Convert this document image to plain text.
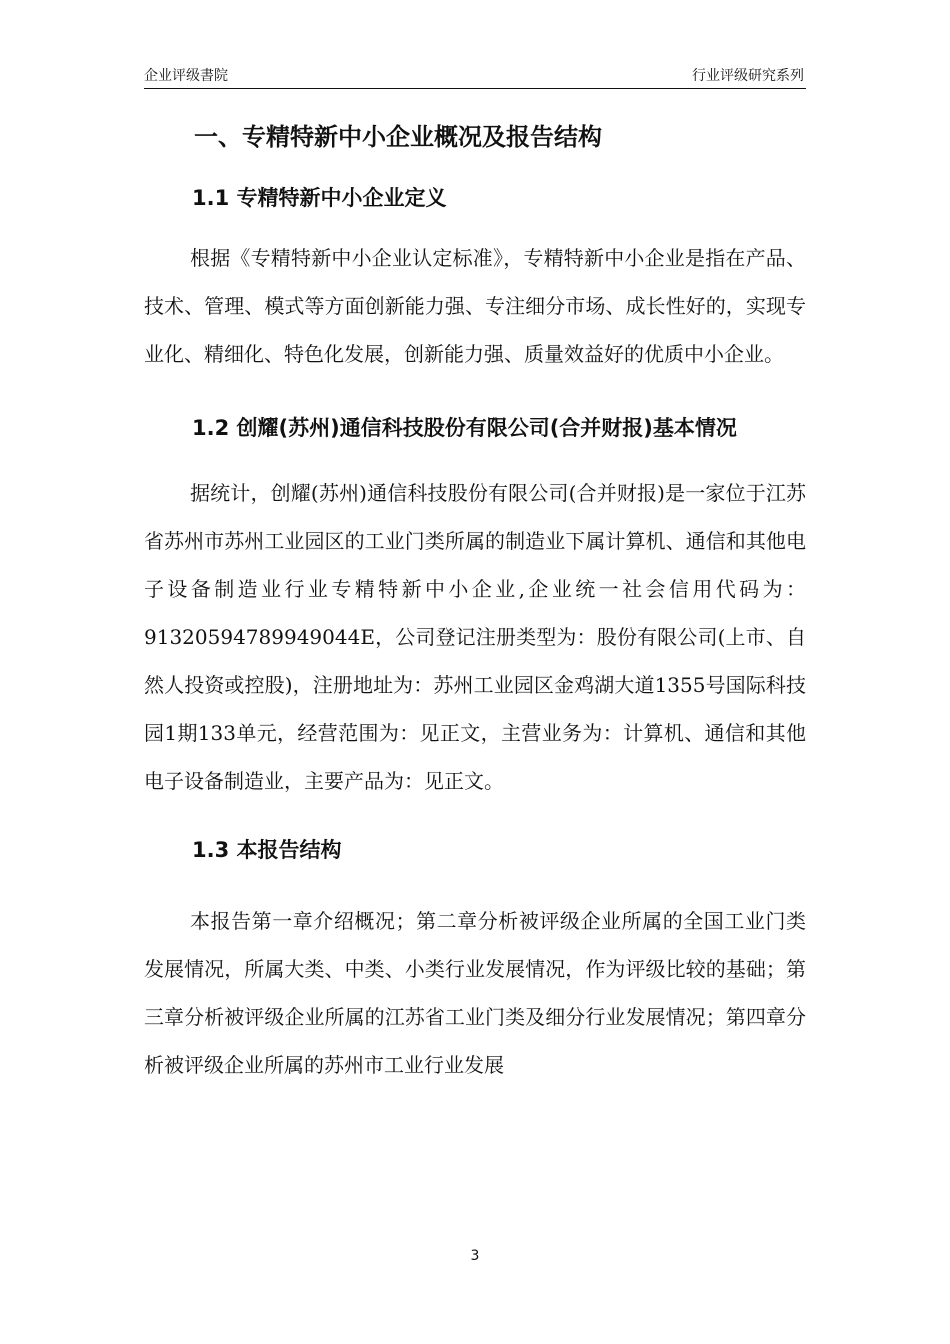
企业评级書院	行业评级研究系列
一、专精特新中小企业概况及报告结构
1.1 专精特新中小企业定义

根据《专精特新中小企业认定标准》，专精特新中小企业是指在产品、技术、管理、模式等方面创新能力强、专注细分市场、成长性好的，实现专业化、精细化、特色化发展，创新能力强、质量效益好的优质中小企业。

1.2 创耀(苏州)通信科技股份有限公司(合并财报)基本情况

据统计，创耀(苏州)通信科技股份有限公司(合并财报)是一家位于江苏省苏州市苏州工业园区的工业门类所属的制造业下属计算机、通信和其他电子设备制造业行业专精特新中小企业,企业统一社会信用代码为：91320594789949044E，公司登记注册类型为：股份有限公司(上市、自然人投资或控股)，注册地址为：苏州工业园区金鸡湖大道1355号国际科技园1期133单元，经营范围为：见正文，主营业务为：计算机、通信和其他电子设备制造业，主要产品为：见正文。

1.3 本报告结构

本报告第一章介绍概况；第二章分析被评级企业所属的全国工业门类发展情况，所属大类、中类、小类行业发展情况，作为评级比较的基础；第三章分析被评级企业所属的江苏省工业门类及细分行业发展情况；第四章分析被评级企业所属的苏州市工业行业发展

3
